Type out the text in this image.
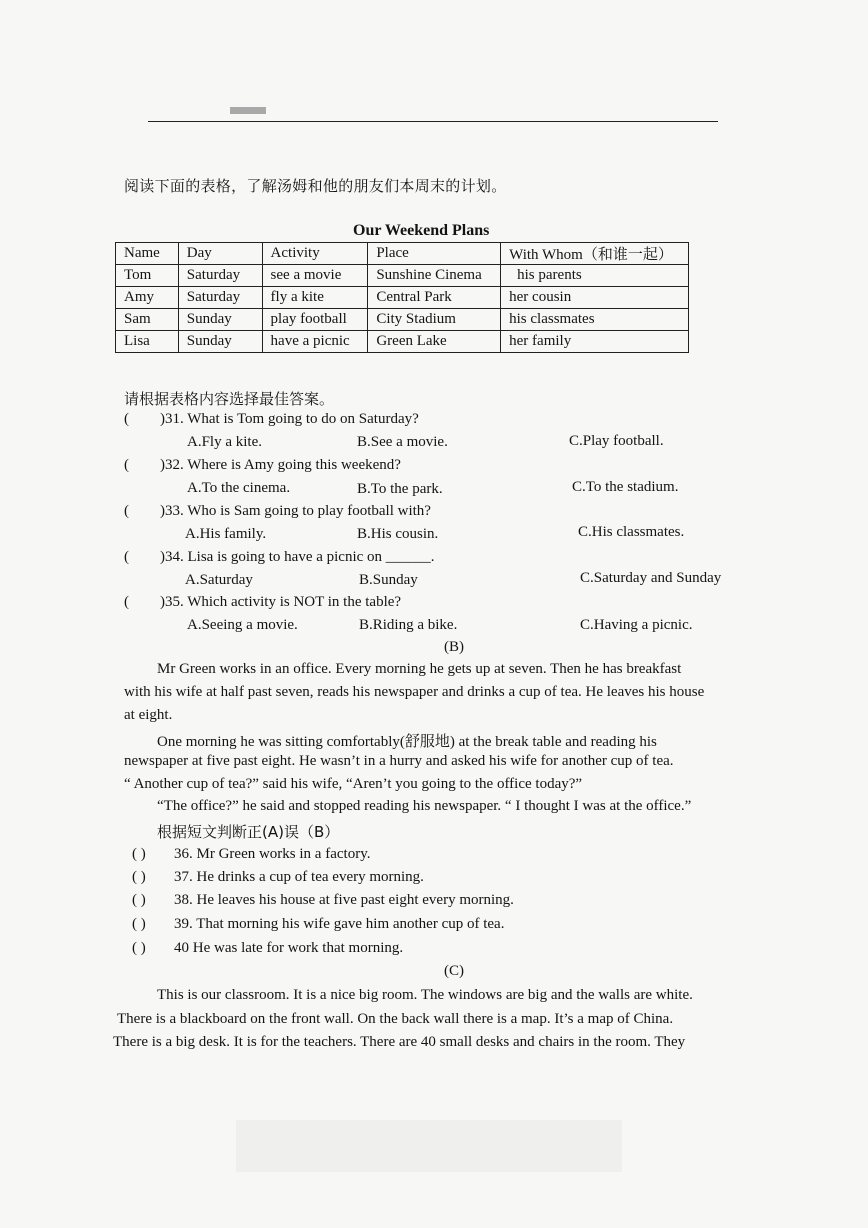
阅读下面的表格，了解汤姆和他的朋友们本周末的计划。
Our Weekend Plans
Name	Day	Activity	Place	With Whom（和谁一起）
Tom	Saturday	see a movie	Sunshine Cinema	his parents
Amy	Saturday	fly a kite	Central Park	her cousin
Sam	Sunday	play football	City Stadium	his classmates
Lisa	Sunday	have a picnic	Green Lake	her family
请根据表格内容选择最佳答案。
( )31. What is Tom going to do on Saturday?
A.Fly a kite.	B.See a movie.	C.Play football.
( )32. Where is Amy going this weekend?
A.To the cinema.	B.To the park.	C.To the stadium.
( )33. Who is Sam going to play football with?
A.His family.	B.His cousin.	C.His classmates.
( )34. Lisa is going to have a picnic on ______.
A.Saturday	B.Sunday	C.Saturday and Sunday
( )35. Which activity is NOT in the table?
A.Seeing a movie.	B.Riding a bike.	C.Having a picnic.
(B)
Mr Green works in an office. Every morning he gets up at seven. Then he has breakfast
with his wife at half past seven, reads his newspaper and drinks a cup of tea. He leaves his house
at eight.
One morning he was sitting comfortably(舒服地) at the break table and reading his
newspaper at five past eight. He wasn’t in a hurry and asked his wife for another cup of tea.
“ Another cup of tea?” said his wife, “Aren’t you going to the office today?”
“The office?” he said and stopped reading his newspaper. “ I thought I was at the office.”
根据短文判断正(A)误（B）
( ) 36. Mr Green works in a factory.
( ) 37. He drinks a cup of tea every morning.
( ) 38. He leaves his house at five past eight every morning.
( ) 39. That morning his wife gave him another cup of tea.
( ) 40 He was late for work that morning.
(C)
This is our classroom. It is a nice big room. The windows are big and the walls are white.
There is a blackboard on the front wall. On the back wall there is a map. It’s a map of China.
There is a big desk. It is for the teachers. There are 40 small desks and chairs in the room. They
